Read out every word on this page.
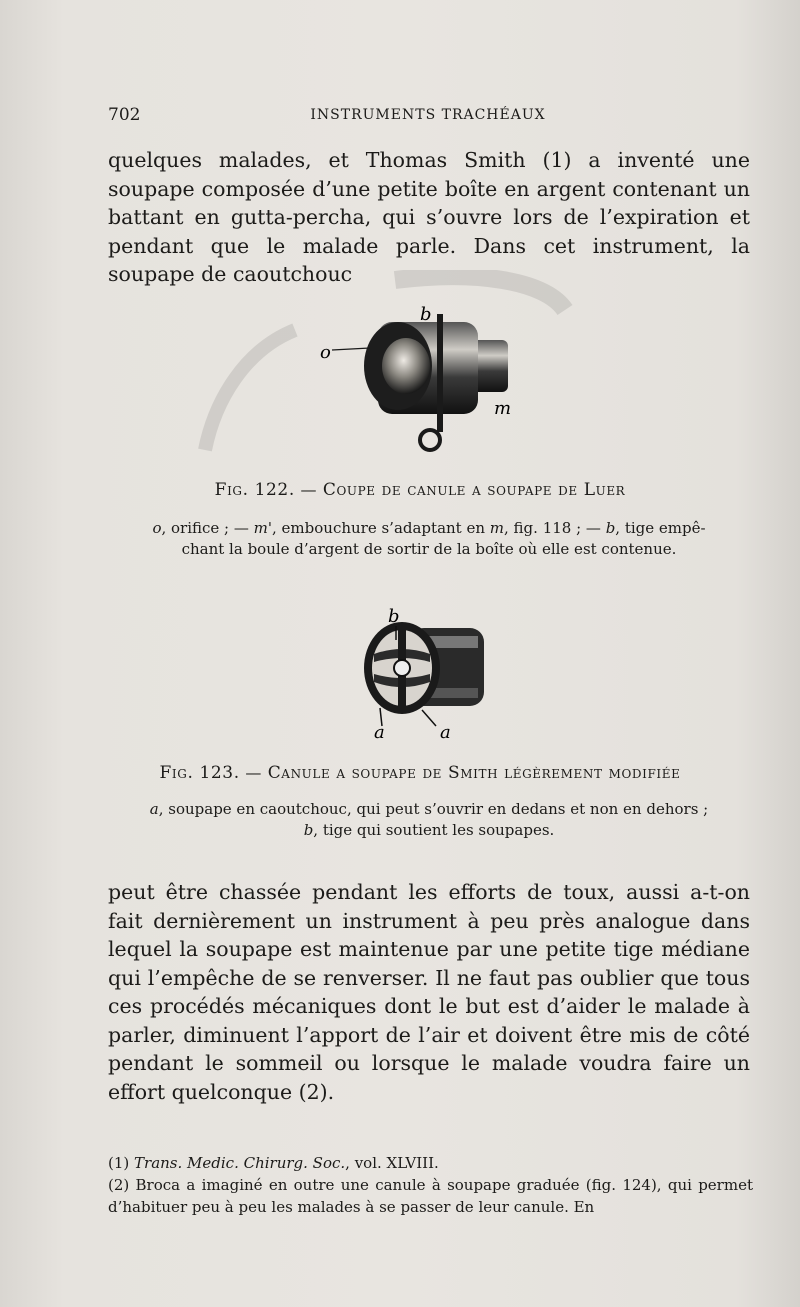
702	INSTRUMENTS TRACHÉAUX

quelques malades, et Thomas Smith (1) a inventé une soupape composée d’une petite boîte en argent contenant un battant en gutta-percha, qui s’ouvre lors de l’expiration et pendant que le malade parle. Dans cet instrument, la soupape de caoutchouc

b
o
m
Fig. 122. — Coupe de canule a soupape de Luer
o, orifice ; — m', embouchure s’adaptant en m, fig. 118 ; — b, tige empê-
chant la boule d’argent de sortir de la boîte où elle est contenue.
b
a	a
Fig. 123. — Canule a soupape de Smith légèrement modifiée
a, soupape en caoutchouc, qui peut s’ouvrir en dedans et non en dehors ;
b, tige qui soutient les soupapes.

peut être chassée pendant les efforts de toux, aussi a-t-on fait dernièrement un instrument à peu près analogue dans lequel la soupape est maintenue par une petite tige médiane qui l’empêche de se renverser. Il ne faut pas oublier que tous ces procédés mécaniques dont le but est d’aider le malade à parler, diminuent l’apport de l’air et doivent être mis de côté pendant le sommeil ou lorsque le malade voudra faire un effort quelconque (2).

(1) Trans. Medic. Chirurg. Soc., vol. XLVIII.

(2) Broca a imaginé en outre une canule à soupape graduée (fig. 124), qui permet d’habituer peu à peu les malades à se passer de leur canule. En
